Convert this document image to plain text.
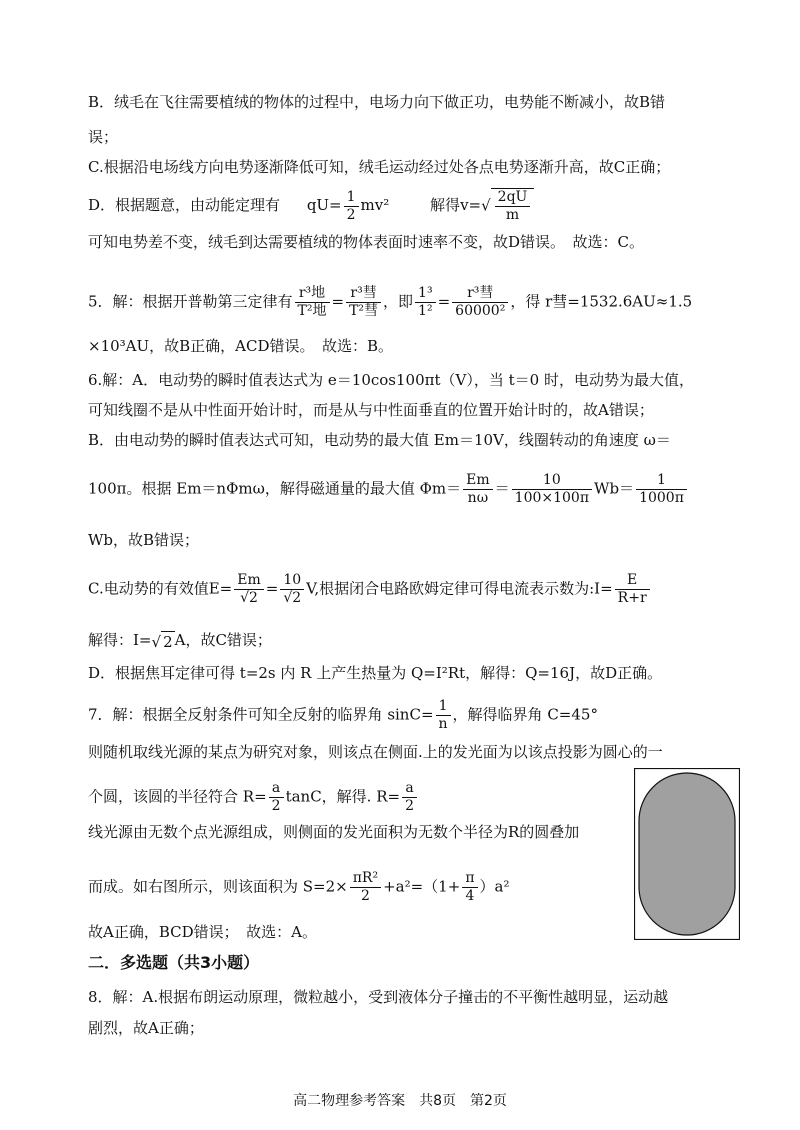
B．绒毛在飞往需要植绒的物体的过程中，电场力向下做正功，电势能不断减小，故B错
误；
C.根据沿电场线方向电势逐渐降低可知，绒毛运动经过处各点电势逐渐升高，故C正确；
D．根据题意，由动能定理有 $qU= \frac{1}{2} mv^2$	解得$v=√ \frac{2qU}{m}$
可知电势差不变，绒毛到达需要植绒的物体表面时速率不变，故D错误。　故选：C。
5．解：根据开普勒第三定律有 $\frac{\text{r³地}}{\text{T²地}} = \frac{\text{r³彗}}{\text{T²彗}}$ ，即 $\frac{\text{1³}}{\text{1²}} = \frac{\text{r³彗}}{\text{60000²}}$ ，得 r彗=1532.6AU≈1.5
×10³AU，故B正确，ACD错误。　故选：B。
6.解：A．电动势的瞬时值表达式为 e＝10cos100πt（V），当 t＝0 时，电动势为最大值，
可知线圈不是从中性面开始计时，而是从与中性面垂直的位置开始计时的，故A错误；
B．由电动势的瞬时值表达式可知，电动势的最大值 Em＝10V，线圈转动的角速度 ω＝
100π。根据 Em＝nΦmω，解得磁通量的最大值 $\Phi m= \frac{Em}{n\omega} = \frac{10}{100\times 100\pi} Wb= \frac{1}{1000\pi}$
Wb，故B错误；
C.电动势的有效值$E= \frac{Em}{√2} = \frac{10}{√2} V$,根据闭合电路欧姆定律可得电流表示数为:I= $\frac{E}{R+r}$
解得：I=√ 2 A，故C错误；
D．根据焦耳定律可得 t=2s 内 R 上产生热量为 Q=I²Rt，解得：Q=16J，故D正确。
7．解：根据全反射条件可知全反射的临界角 $\sin C= \frac{1}{n}$ ，解得临界角 C=45°
则随机取线光源的某点为研究对象，则该点在侧面.上的发光面为以该点投影为圆心的一
个圆，该圆的半径符合 $R= \frac{a}{2}$ tanC，解得. $R= \frac{a}{2}$
线光源由无数个点光源组成，则侧面的发光面积为无数个半径为R的圆叠加
而成。如右图所示，则该面积为 $S=2\times \frac{\text{πR²}}{2} +a^2=(1+ \frac{\pi}{4} )a^2$
故A正确，BCD错误；　故选：A。
二．多选题（共3小题）
8．解：A.根据布朗运动原理，微粒越小，受到液体分子撞击的不平衡性越明显，运动越
剧烈，故A正确；
高二物理参考答案　共8页　第2页
